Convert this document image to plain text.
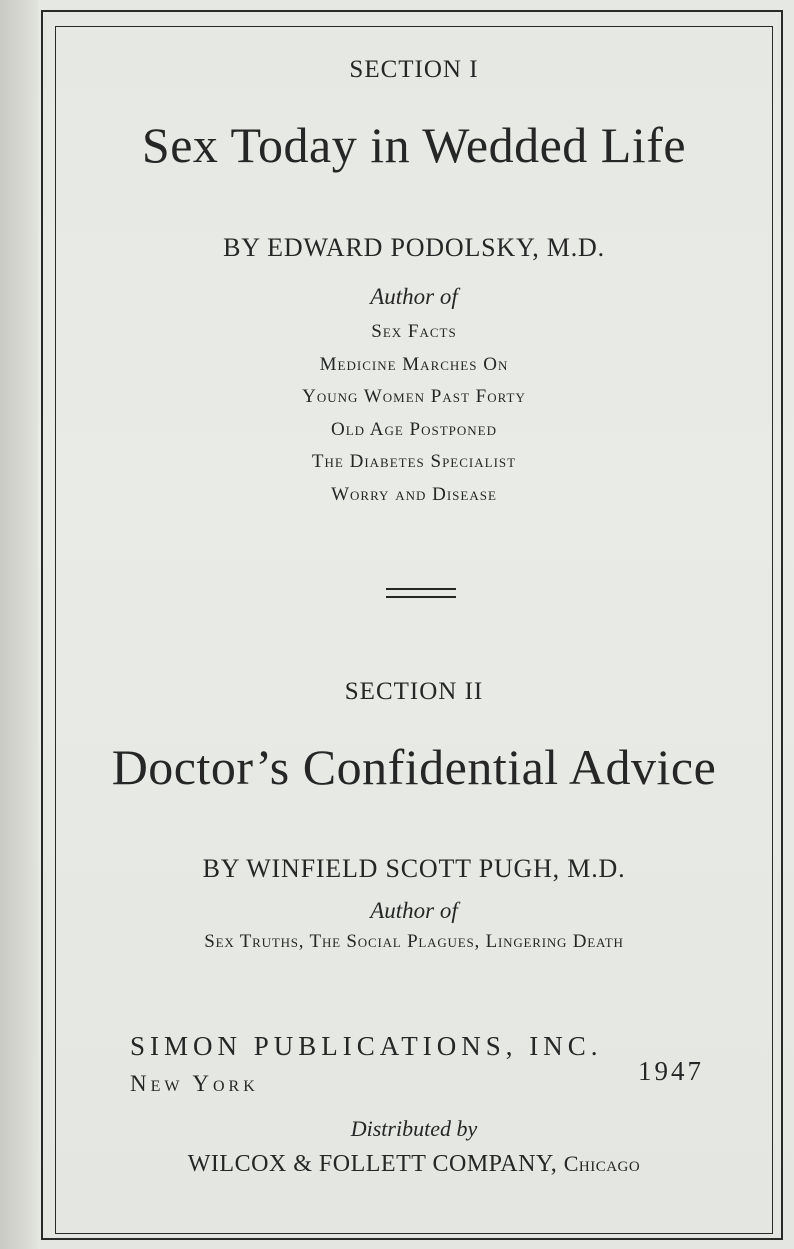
SECTION I
Sex Today in Wedded Life
BY EDWARD PODOLSKY, M.D.
Author of
Sex Facts
Medicine Marches On
Young Women Past Forty
Old Age Postponed
The Diabetes Specialist
Worry and Disease
SECTION II
Doctor’s Confidential Advice
BY WINFIELD SCOTT PUGH, M.D.
Author of
Sex Truths, The Social Plagues, Lingering Death
SIMON PUBLICATIONS, INC.
New York	1947
Distributed by
WILCOX & FOLLETT COMPANY, Chicago
